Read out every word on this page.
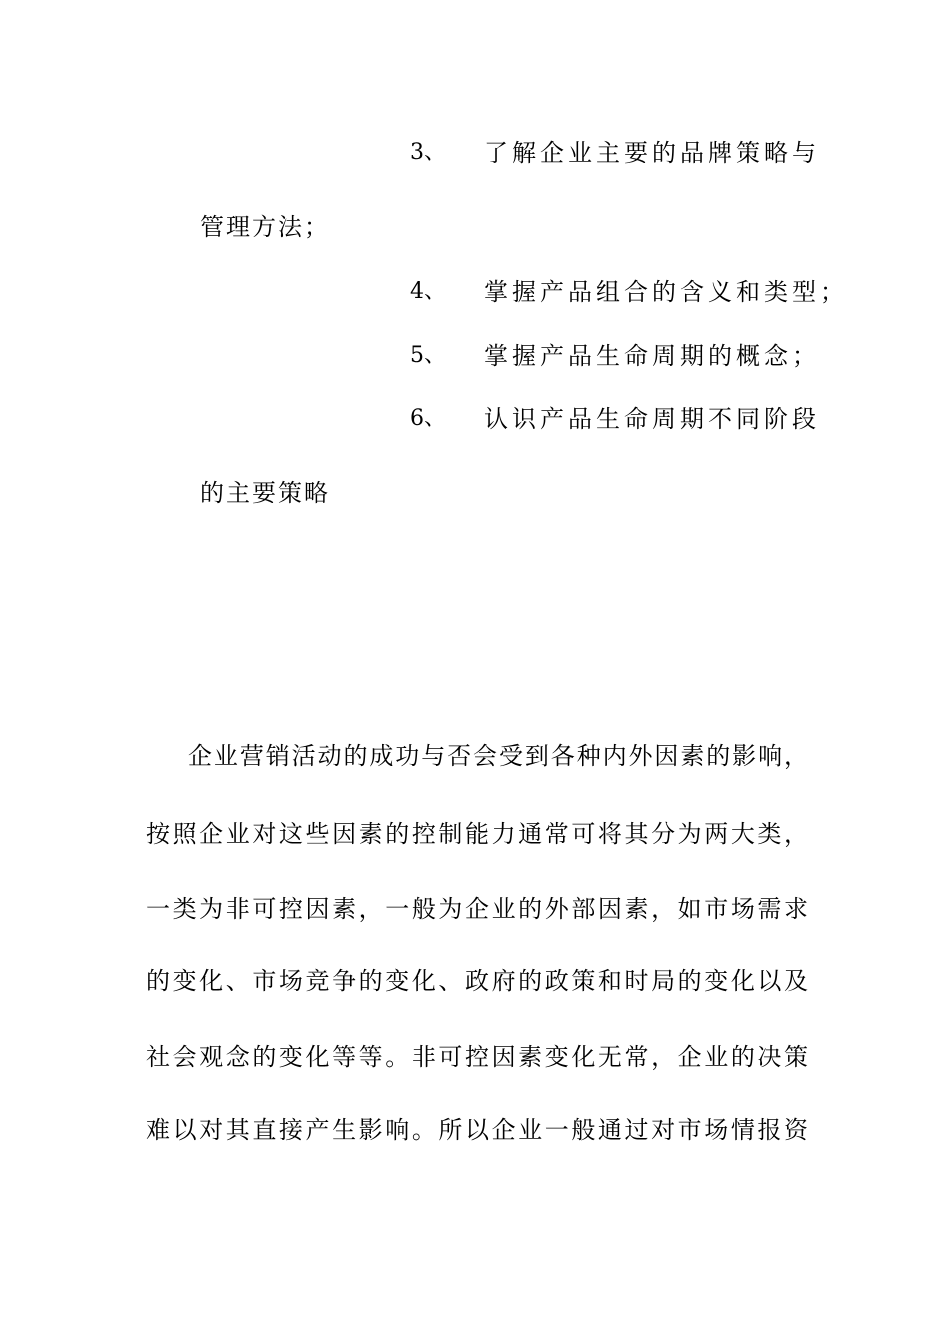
3、 了解企业主要的品牌策略与
管理方法；
4、 掌握产品组合的含义和类型；
5、 掌握产品生命周期的概念；
6、 认识产品生命周期不同阶段
的主要策略
企业营销活动的成功与否会受到各种内外因素的影响，
按照企业对这些因素的控制能力通常可将其分为两大类，
一类为非可控因素，一般为企业的外部因素，如市场需求
的变化、市场竞争的变化、政府的政策和时局的变化以及
社会观念的变化等等。非可控因素变化无常，企业的决策
难以对其直接产生影响。所以企业一般通过对市场情报资
